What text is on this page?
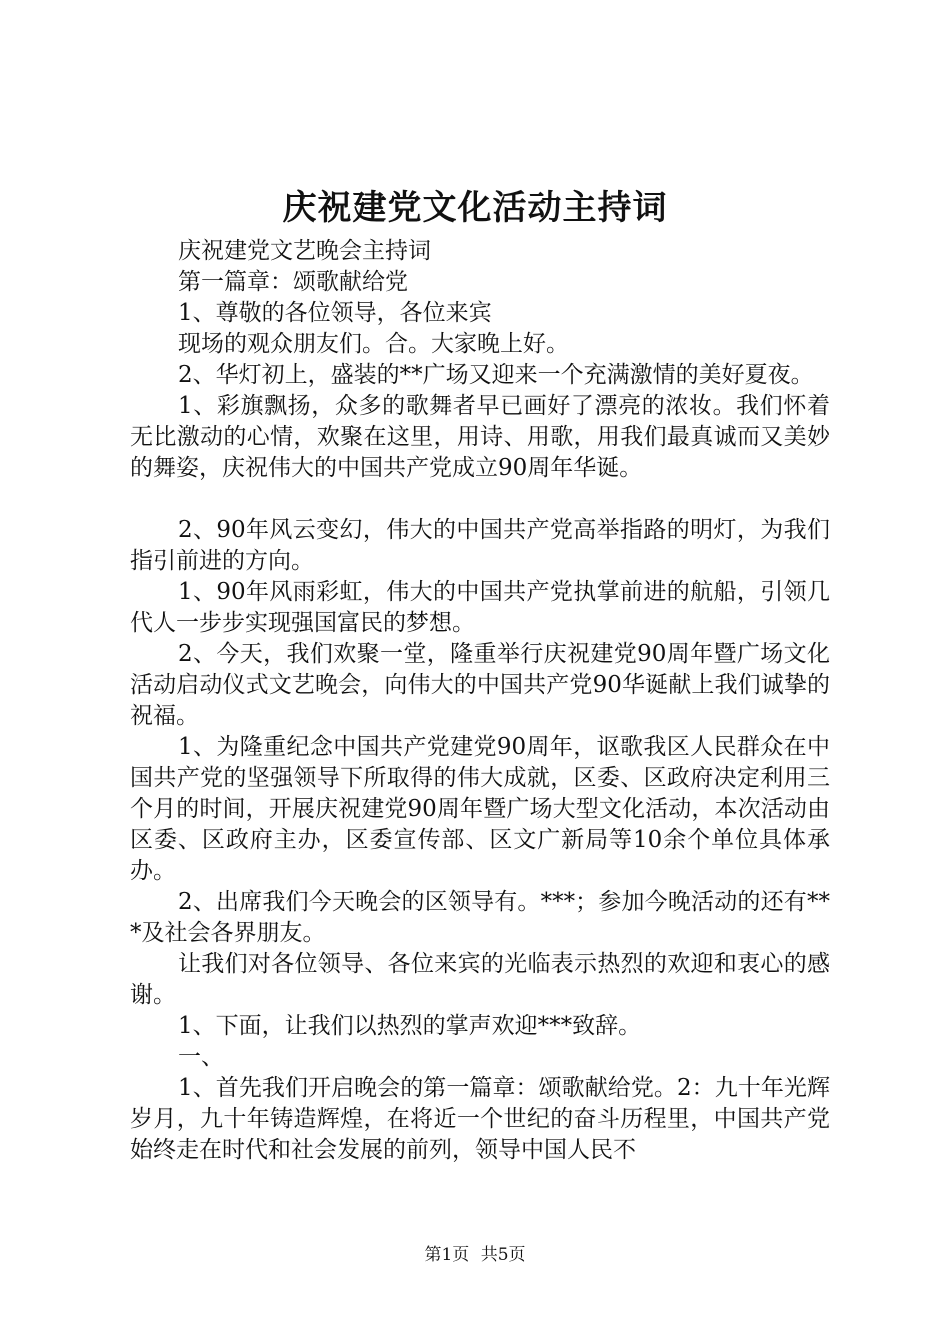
庆祝建党文化活动主持词

庆祝建党文艺晚会主持词

第一篇章：颂歌献给党

1、尊敬的各位领导，各位来宾

现场的观众朋友们。合。大家晚上好。

2、华灯初上，盛装的**广场又迎来一个充满激情的美好夏夜。

1、彩旗飘扬，众多的歌舞者早已画好了漂亮的浓妆。我们怀着无比激动的心情，欢聚在这里，用诗、用歌，用我们最真诚而又美妙的舞姿，庆祝伟大的中国共产党成立90周年华诞。

2、90年风云变幻，伟大的中国共产党高举指路的明灯，为我们指引前进的方向。

1、90年风雨彩虹，伟大的中国共产党执掌前进的航船，引领几代人一步步实现强国富民的梦想。

2、今天，我们欢聚一堂，隆重举行庆祝建党90周年暨广场文化活动启动仪式文艺晚会，向伟大的中国共产党90华诞献上我们诚挚的祝福。

1、为隆重纪念中国共产党建党90周年，讴歌我区人民群众在中国共产党的坚强领导下所取得的伟大成就，区委、区政府决定利用三个月的时间，开展庆祝建党90周年暨广场大型文化活动，本次活动由区委、区政府主办，区委宣传部、区文广新局等10余个单位具体承办。

2、出席我们今天晚会的区领导有。***；参加今晚活动的还有***及社会各界朋友。

让我们对各位领导、各位来宾的光临表示热烈的欢迎和衷心的感谢。

1、下面，让我们以热烈的掌声欢迎***致辞。

一、

1、首先我们开启晚会的第一篇章：颂歌献给党。2：九十年光辉岁月，九十年铸造辉煌，在将近一个世纪的奋斗历程里，中国共产党始终走在时代和社会发展的前列，领导中国人民不

第1页 共5页
